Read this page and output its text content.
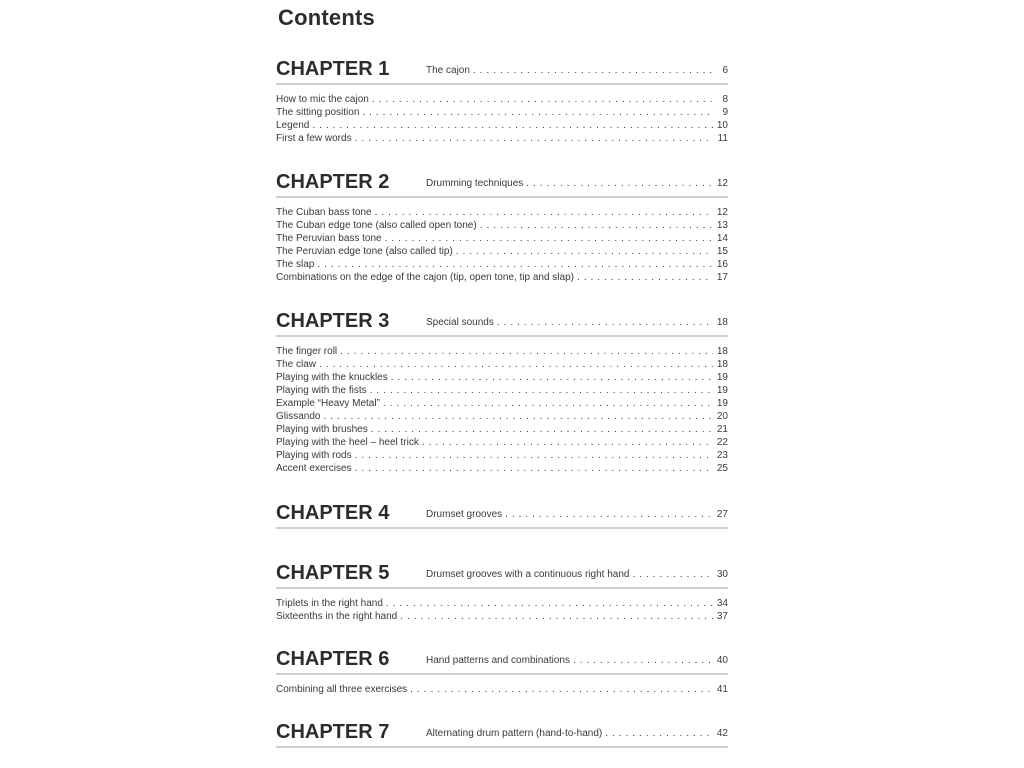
Contents
CHAPTER 1	The cajon . . .	6
How to mic the cajon . . .	8
The sitting position . . .	9
Legend . . .	10
First a few words . . .	11
CHAPTER 2	Drumming techniques . . .	12
The Cuban bass tone . . .	12
The Cuban edge tone (also called open tone) . . .	13
The Peruvian bass tone . . .	14
The Peruvian edge tone (also called tip) . . .	15
The slap . . .	16
Combinations on the edge of the cajon (tip, open tone, tip and slap) . . .	17
CHAPTER 3	Special sounds . . .	18
The finger roll . . .	18
The claw . . .	18
Playing with the knuckles . . .	19
Playing with the fists . . .	19
Example “Heavy Metal” . . .	19
Glissando . . .	20
Playing with brushes . . .	21
Playing with the heel – heel trick . . .	22
Playing with rods . . .	23
Accent exercises . . .	25
CHAPTER 4	Drumset grooves . . .	27
CHAPTER 5	Drumset grooves with a continuous right hand . . .	30
Triplets in the right hand . . .	34
Sixteenths in the right hand . . .	37
CHAPTER 6	Hand patterns and combinations . . .	40
Combining all three exercises . . .	41
CHAPTER 7	Alternating drum pattern (hand-to-hand) . . .	42
